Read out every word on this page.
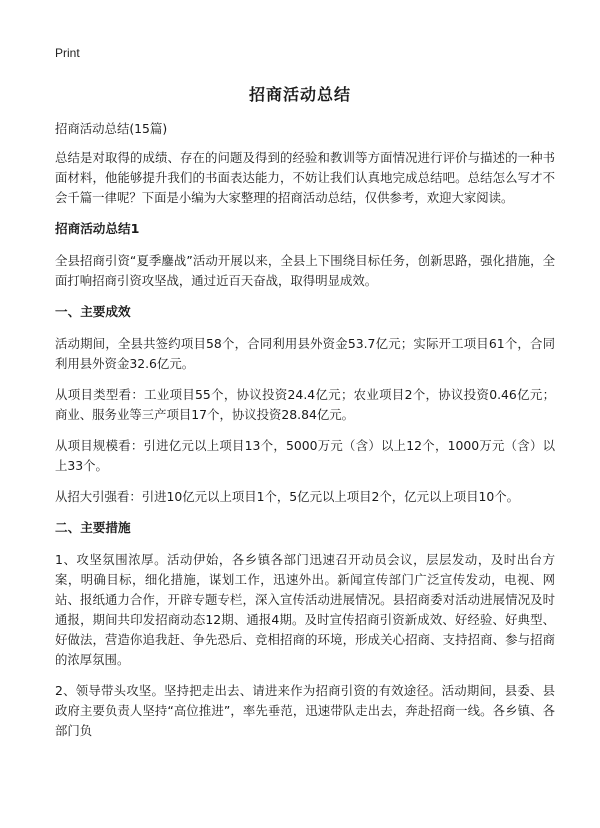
Print
招商活动总结
招商活动总结(15篇)
总结是对取得的成绩、存在的问题及得到的经验和教训等方面情况进行评价与描述的一种书面材料，他能够提升我们的书面表达能力，不妨让我们认真地完成总结吧。总结怎么写才不会千篇一律呢？下面是小编为大家整理的招商活动总结，仅供参考，欢迎大家阅读。
招商活动总结1
全县招商引资“夏季鏖战”活动开展以来，全县上下围绕目标任务，创新思路，强化措施，全面打响招商引资攻坚战，通过近百天奋战，取得明显成效。
一、主要成效
活动期间，全县共签约项目58个，合同利用县外资金53.7亿元；实际开工项目61个，合同利用县外资金32.6亿元。
从项目类型看：工业项目55个，协议投资24.4亿元；农业项目2个，协议投资0.46亿元；商业、服务业等三产项目17个，协议投资28.84亿元。
从项目规模看：引进亿元以上项目13个，5000万元（含）以上12个，1000万元（含）以上33个。
从招大引强看：引进10亿元以上项目1个，5亿元以上项目2个，亿元以上项目10个。
二、主要措施
1、攻坚氛围浓厚。活动伊始，各乡镇各部门迅速召开动员会议，层层发动，及时出台方案，明确目标，细化措施，谋划工作，迅速外出。新闻宣传部门广泛宣传发动，电视、网站、报纸通力合作，开辟专题专栏，深入宣传活动进展情况。县招商委对活动进展情况及时通报，期间共印发招商动态12期、通报4期。及时宣传招商引资新成效、好经验、好典型、好做法，营造你追我赶、争先恐后、竞相招商的环境，形成关心招商、支持招商、参与招商的浓厚氛围。
2、领导带头攻坚。坚持把走出去、请进来作为招商引资的有效途径。活动期间，县委、县政府主要负责人坚持“高位推进”，率先垂范，迅速带队走出去，奔赴招商一线。各乡镇、各部门负
